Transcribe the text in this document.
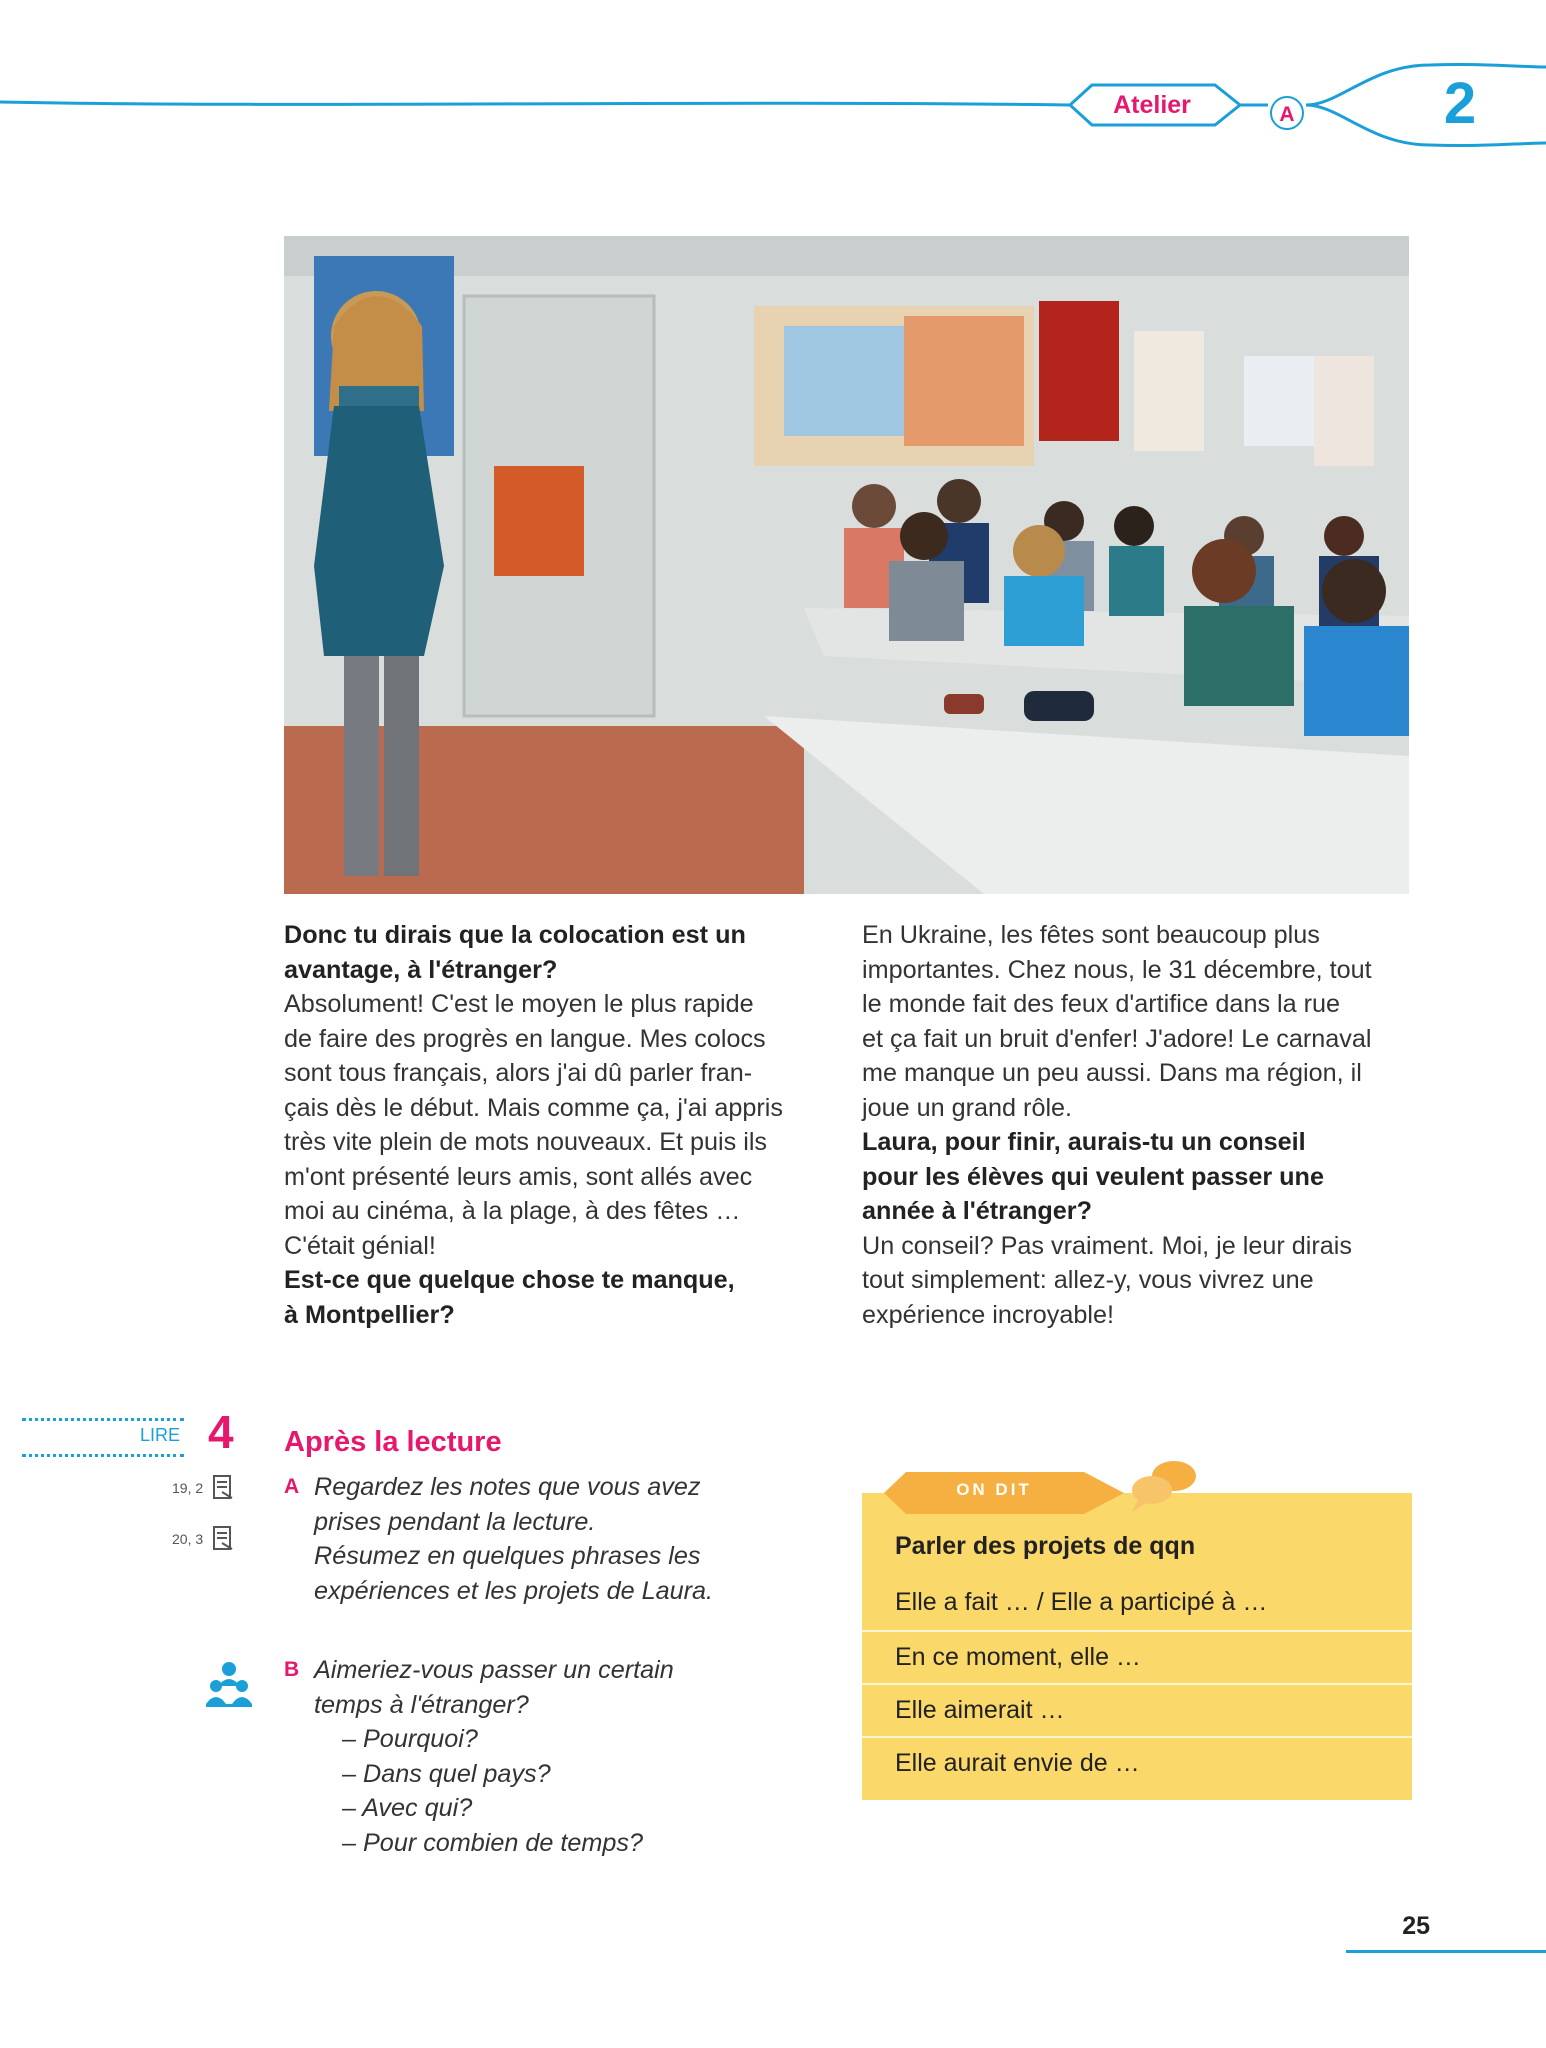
Atelier	A	2
Donc tu dirais que la colocation est un
avantage, à l'étranger?
Absolument! C'est le moyen le plus rapide
de faire des progrès en langue. Mes colocs
sont tous français, alors j'ai dû parler fran-
çais dès le début. Mais comme ça, j'ai appris
très vite plein de mots nouveaux. Et puis ils
m'ont présenté leurs amis, sont allés avec
moi au cinéma, à la plage, à des fêtes …
C'était génial!
Est-ce que quelque chose te manque,
à Montpellier?
En Ukraine, les fêtes sont beaucoup plus
importantes. Chez nous, le 31 décembre, tout
le monde fait des feux d'artifice dans la rue
et ça fait un bruit d'enfer! J'adore! Le carnaval
me manque un peu aussi. Dans ma région, il
joue un grand rôle.
Laura, pour finir, aurais-tu un conseil
pour les élèves qui veulent passer une
année à l'étranger?
Un conseil? Pas vraiment. Moi, je leur dirais
tout simplement: allez-y, vous vivrez une
expérience incroyable!
LIRE 4
19, 2
20, 3
Après la lecture
A Regardez les notes que vous avez
prises pendant la lecture.
Résumez en quelques phrases les
expériences et les projets de Laura.
B Aimeriez-vous passer un certain
temps à l'étranger?
– Pourquoi?
– Dans quel pays?
– Avec qui?
– Pour combien de temps?
ON DIT
Parler des projets de qqn
Elle a fait … / Elle a participé à …
En ce moment, elle …
Elle aimerait …
Elle aurait envie de …
25
